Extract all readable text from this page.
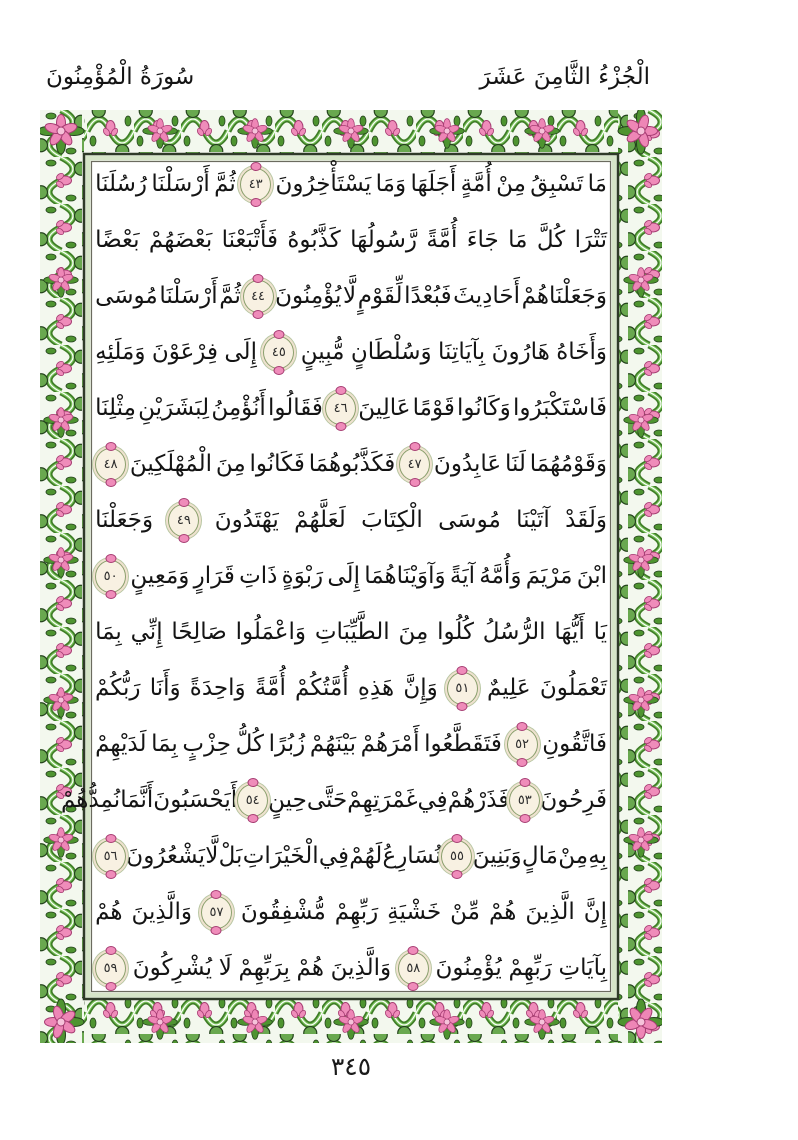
الْجُزْءُ الثَّامِنَ عَشَرَ
سُورَةُ الْمُؤْمِنُونَ
مَا
تَسْبِقُ
مِنْ
أُمَّةٍ
أَجَلَهَا
وَمَا
يَسْتَأْخِرُونَ
٤٣
ثُمَّ
أَرْسَلْنَا
رُسُلَنَا
تَتْرَا
كُلَّ
مَا
جَاءَ
أُمَّةً
رَّسُولُهَا
كَذَّبُوهُ
فَأَتْبَعْنَا
بَعْضَهُمْ
بَعْضًا
وَجَعَلْنَاهُمْ
أَحَادِيثَ
فَبُعْدًا
لِّقَوْمٍ
لَّا
يُؤْمِنُونَ
٤٤
ثُمَّ
أَرْسَلْنَا
مُوسَى
وَأَخَاهُ
هَارُونَ
بِآيَاتِنَا
وَسُلْطَانٍ
مُّبِينٍ
٤٥
إِلَى
فِرْعَوْنَ
وَمَلَئِهِ
فَاسْتَكْبَرُوا
وَكَانُوا
قَوْمًا
عَالِينَ
٤٦
فَقَالُوا
أَنُؤْمِنُ
لِبَشَرَيْنِ
مِثْلِنَا
وَقَوْمُهُمَا
لَنَا
عَابِدُونَ
٤٧
فَكَذَّبُوهُمَا
فَكَانُوا
مِنَ
الْمُهْلَكِينَ
٤٨
وَلَقَدْ
آتَيْنَا
مُوسَى
الْكِتَابَ
لَعَلَّهُمْ
يَهْتَدُونَ
٤٩
وَجَعَلْنَا
ابْنَ
مَرْيَمَ
وَأُمَّهُ
آيَةً
وَآوَيْنَاهُمَا
إِلَى
رَبْوَةٍ
ذَاتِ
قَرَارٍ
وَمَعِينٍ
٥٠
يَا
أَيُّهَا
الرُّسُلُ
كُلُوا
مِنَ
الطَّيِّبَاتِ
وَاعْمَلُوا
صَالِحًا
إِنِّي
بِمَا
تَعْمَلُونَ
عَلِيمٌ
٥١
وَإِنَّ
هَذِهِ
أُمَّتُكُمْ
أُمَّةً
وَاحِدَةً
وَأَنَا
رَبُّكُمْ
فَاتَّقُونِ
٥٢
فَتَقَطَّعُوا
أَمْرَهُمْ
بَيْنَهُمْ
زُبُرًا
كُلُّ
حِزْبٍ
بِمَا
لَدَيْهِمْ
فَرِحُونَ
٥٣
فَذَرْهُمْ
فِي
غَمْرَتِهِمْ
حَتَّى
حِينٍ
٥٤
أَيَحْسَبُونَ
أَنَّمَا
نُمِدُّهُمْ
بِهِ
مِنْ
مَالٍ
وَبَنِينَ
٥٥
نُسَارِعُ
لَهُمْ
فِي
الْخَيْرَاتِ
بَلْ
لَّا
يَشْعُرُونَ
٥٦
إِنَّ
الَّذِينَ
هُمْ
مِّنْ
خَشْيَةِ
رَبِّهِمْ
مُّشْفِقُونَ
٥٧
وَالَّذِينَ
هُمْ
بِآيَاتِ
رَبِّهِمْ
يُؤْمِنُونَ
٥٨
وَالَّذِينَ
هُمْ
بِرَبِّهِمْ
لَا
يُشْرِكُونَ
٥٩
٣٤٥
